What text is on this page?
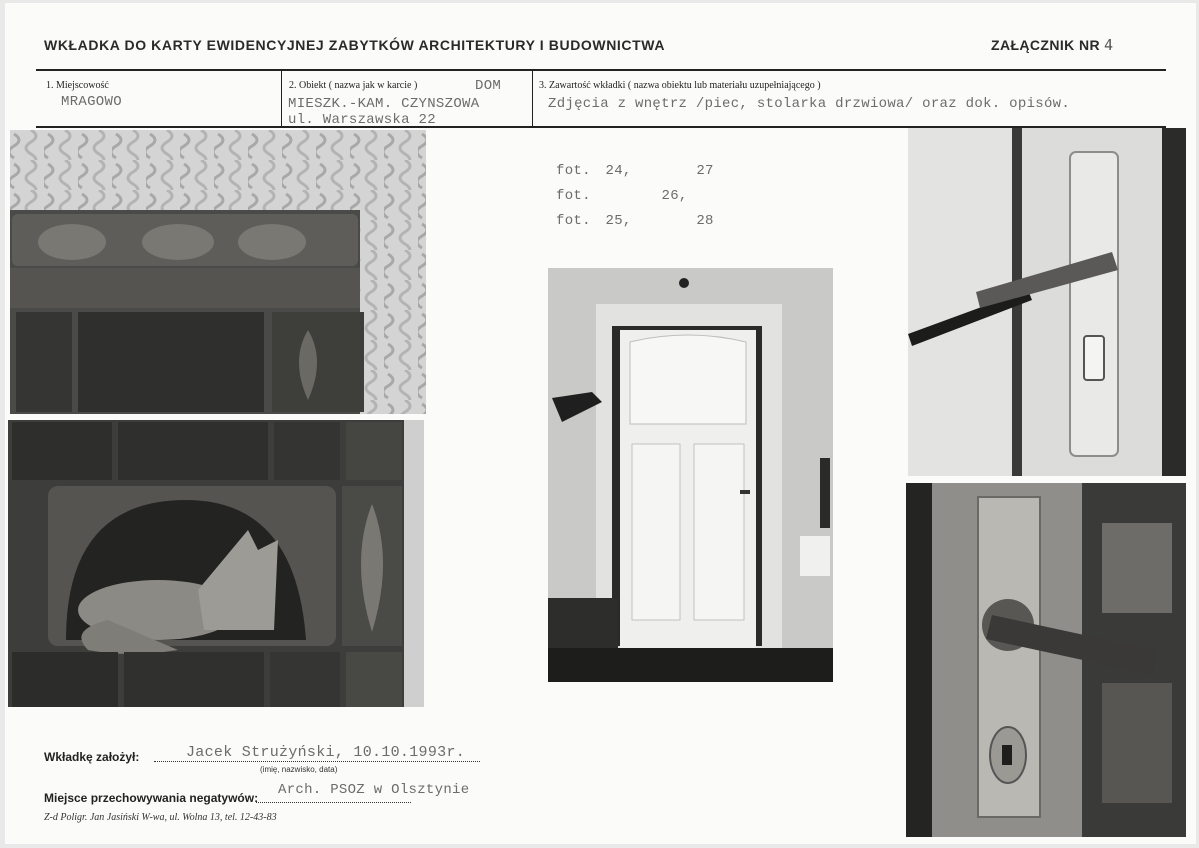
WKŁADKA DO KARTY EWIDENCYJNEJ ZABYTKÓW ARCHITEKTURY I BUDOWNICTWA	ZAŁĄCZNIK NR 4
1. Miejscowość
MRAGOWO
2. Obiekt ( nazwa jak w karcie )	DOM
MIESZK.-KAM. CZYNSZOWA
ul. Warszawska 22
3. Zawartość wkładki ( nazwa obiektu lub materiału uzupełniającego )
Zdjęcia z wnętrz /piec, stolarka drzwiowa/ oraz dok. opisów.
fot. 24,	27
fot.	26,
fot. 25,	28
Wkładkę założył:	Jacek Strużyński, 10.10.1993r.
(imię, nazwisko, data)
Miejsce przechowywania negatywów: Arch. PSOZ w Olsztynie
Z-d Poligr. Jan Jasiński W-wa, ul. Wolna 13, tel. 12-43-83
